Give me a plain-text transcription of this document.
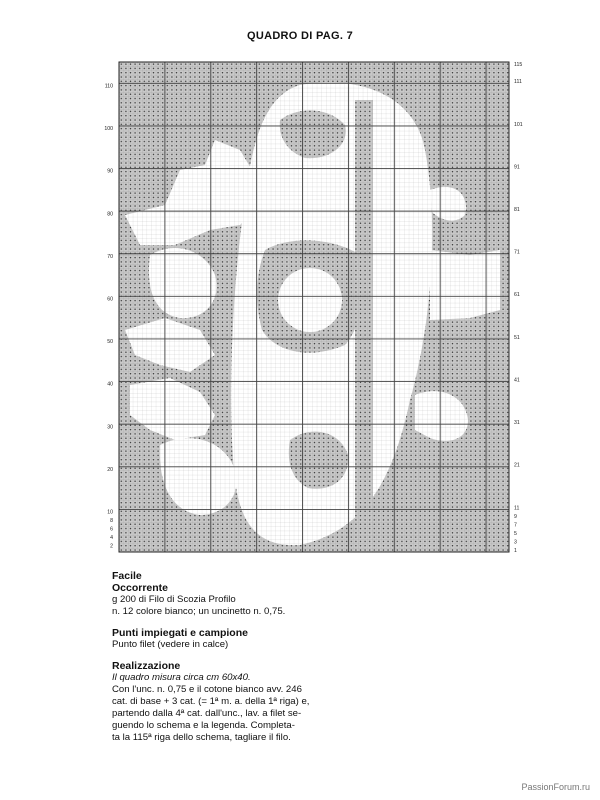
QUADRO DI PAG. 7
110
100
90
80
70
60
50
40
30
20
10
8
6
4
2
115
111
101
91
81
71
61
51
41
31
21
11
9
7
5
3
1
Facile
Occorrente
g 200 di Filo di Scozia Profilo
n. 12 colore bianco; un uncinetto n. 0,75.
Punti impiegati e campione
Punto filet (vedere in calce)
Realizzazione
Il quadro misura circa cm 60x40.
Con l'unc. n. 0,75 e il cotone bianco avv. 246
cat. di base + 3 cat. (= 1ª m. a. della 1ª riga) e,
partendo dalla 4ª cat. dall'unc., lav. a filet se-
guendo lo schema e la legenda. Completa-
ta la 115ª riga dello schema, tagliare il filo.
PassionForum.ru
